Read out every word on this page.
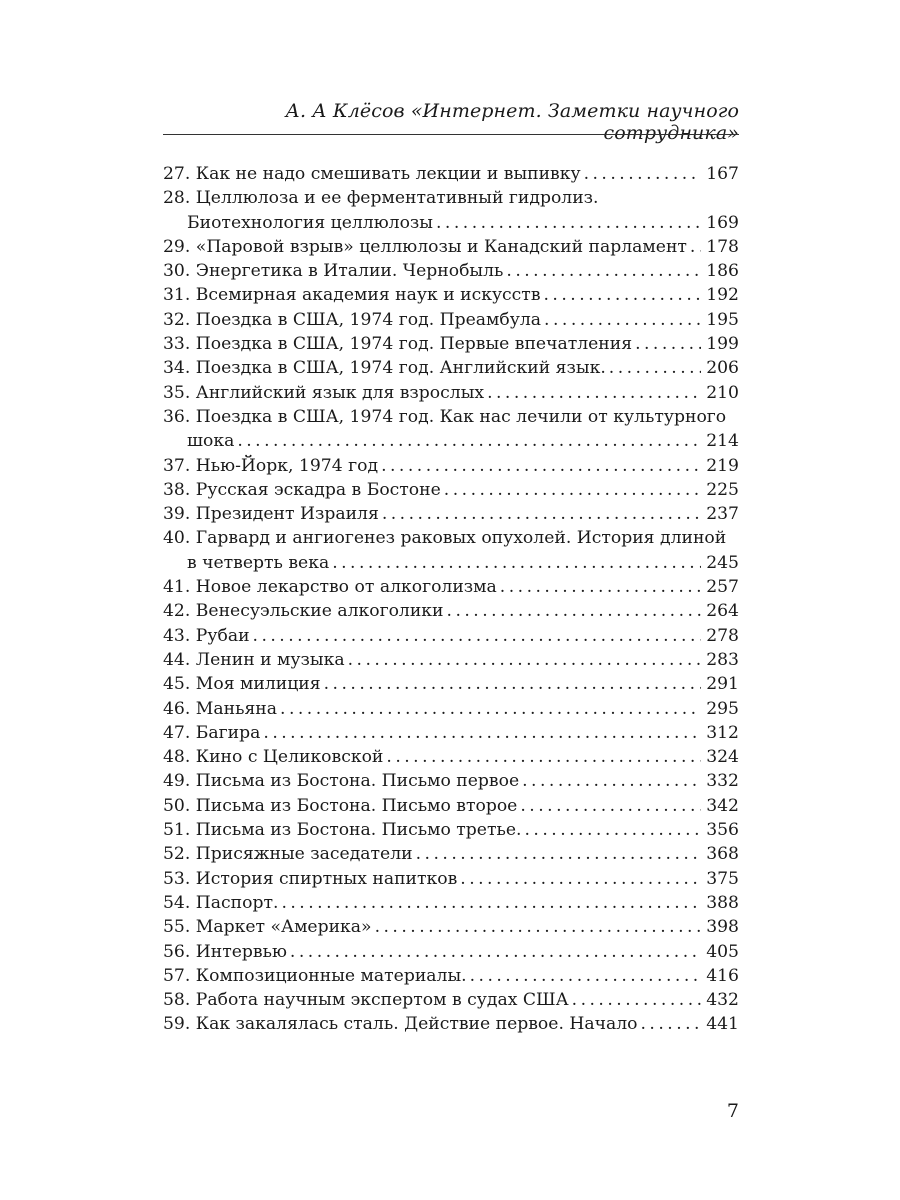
А. А Клёсов «Интернет. Заметки научного сотрудника»
27. Как не надо смешивать лекции и выпивку . . .	167
28. Целлюлоза и ее ферментативный гидролиз.
Биотехнология целлюлозы . . .	169
29. «Паровой взрыв» целлюлозы и Канадский парламент . . . 178
30. Энергетика в Италии. Чернобыль . . .	186
31. Всемирная академия наук и искусств . . .	192
32. Поездка в США, 1974 год. Преамбула . . .	195
33. Поездка в США, 1974 год. Первые впечатления . . .	199
34. Поездка в США, 1974 год. Английский язык. . . .	206
35. Английский язык для взрослых . . .	210
36. Поездка в США, 1974 год. Как нас лечили от культурного
шока . . .	214
37. Нью-Йорк, 1974 год . . .	219
38. Русская эскадра в Бостоне . . .	225
39. Президент Израиля . . .	237
40. Гарвард и ангиогенез раковых опухолей. История длиной
в четверть века . . .	245
41. Новое лекарство от алкоголизма . . .	257
42. Венесуэльские алкоголики . . .	264
43. Рубаи . . .	278
44. Ленин и музыка . . .	283
45. Моя милиция . . .	291
46. Маньяна . . .	295
47. Багира . . .	312
48. Кино с Целиковской . . .	324
49. Письма из Бостона. Письмо первое . . .	332
50. Письма из Бостона. Письмо второе . . .	342
51. Письма из Бостона. Письмо третье. . . .	356
52. Присяжные заседатели . . .	368
53. История спиртных напитков . . .	375
54. Паспорт. . . .	388
55. Маркет «Америка» . . .	398
56. Интервью . . .	405
57. Композиционные материалы. . . .	416
58. Работа научным экспертом в судах США . . .	432
59. Как закалялась сталь. Действие первое. Начало . . .	441
7
